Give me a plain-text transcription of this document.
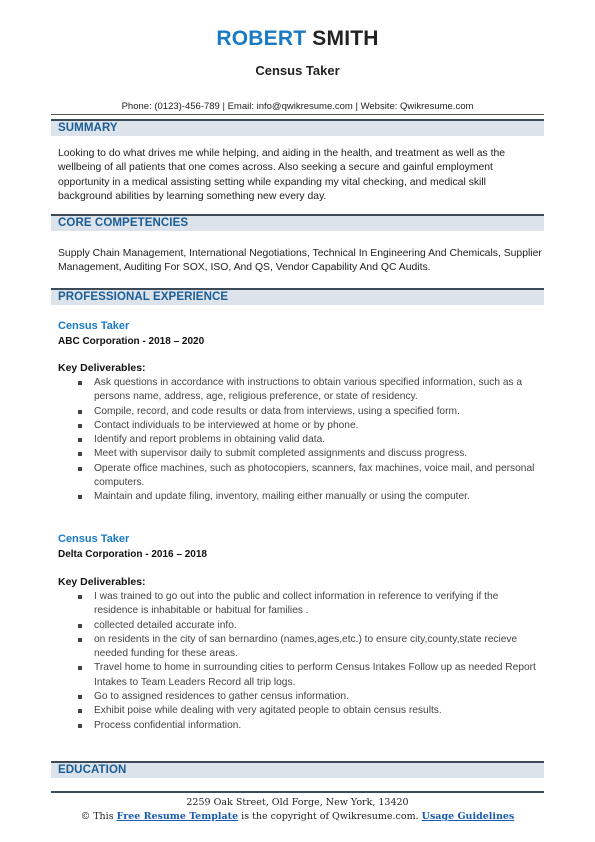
ROBERT SMITH
Census Taker
Phone: (0123)-456-789 | Email: info@qwikresume.com | Website: Qwikresume.com
SUMMARY
Looking to do what drives me while helping, and aiding in the health, and treatment as well as the wellbeing of all patients that one comes across. Also seeking a secure and gainful employment opportunity in a medical assisting setting while expanding my vital checking, and medical skill background abilities by learning something new every day.
CORE COMPETENCIES
Supply Chain Management, International Negotiations, Technical In Engineering And Chemicals, Supplier Management, Auditing For SOX, ISO, And QS, Vendor Capability And QC Audits.
PROFESSIONAL EXPERIENCE
Census Taker
ABC Corporation - 2018 – 2020
Key Deliverables:
Ask questions in accordance with instructions to obtain various specified information, such as a persons name, address, age, religious preference, or state of residency.
Compile, record, and code results or data from interviews, using a specified form.
Contact individuals to be interviewed at home or by phone.
Identify and report problems in obtaining valid data.
Meet with supervisor daily to submit completed assignments and discuss progress.
Operate office machines, such as photocopiers, scanners, fax machines, voice mail, and personal computers.
Maintain and update filing, inventory, mailing either manually or using the computer.
Census Taker
Delta Corporation - 2016 – 2018
Key Deliverables:
I was trained to go out into the public and collect information in reference to verifying if the residence is inhabitable or habitual for families .
collected detailed accurate info.
on residents in the city of san bernardino (names,ages,etc.) to ensure city,county,state recieve needed funding for these areas.
Travel home to home in surrounding cities to perform Census Intakes Follow up as needed Report Intakes to Team Leaders Record all trip logs.
Go to assigned residences to gather census information.
Exhibit poise while dealing with very agitated people to obtain census results.
Process confidential information.
EDUCATION
2259 Oak Street, Old Forge, New York, 13420
© This Free Resume Template is the copyright of Qwikresume.com. Usage Guidelines
